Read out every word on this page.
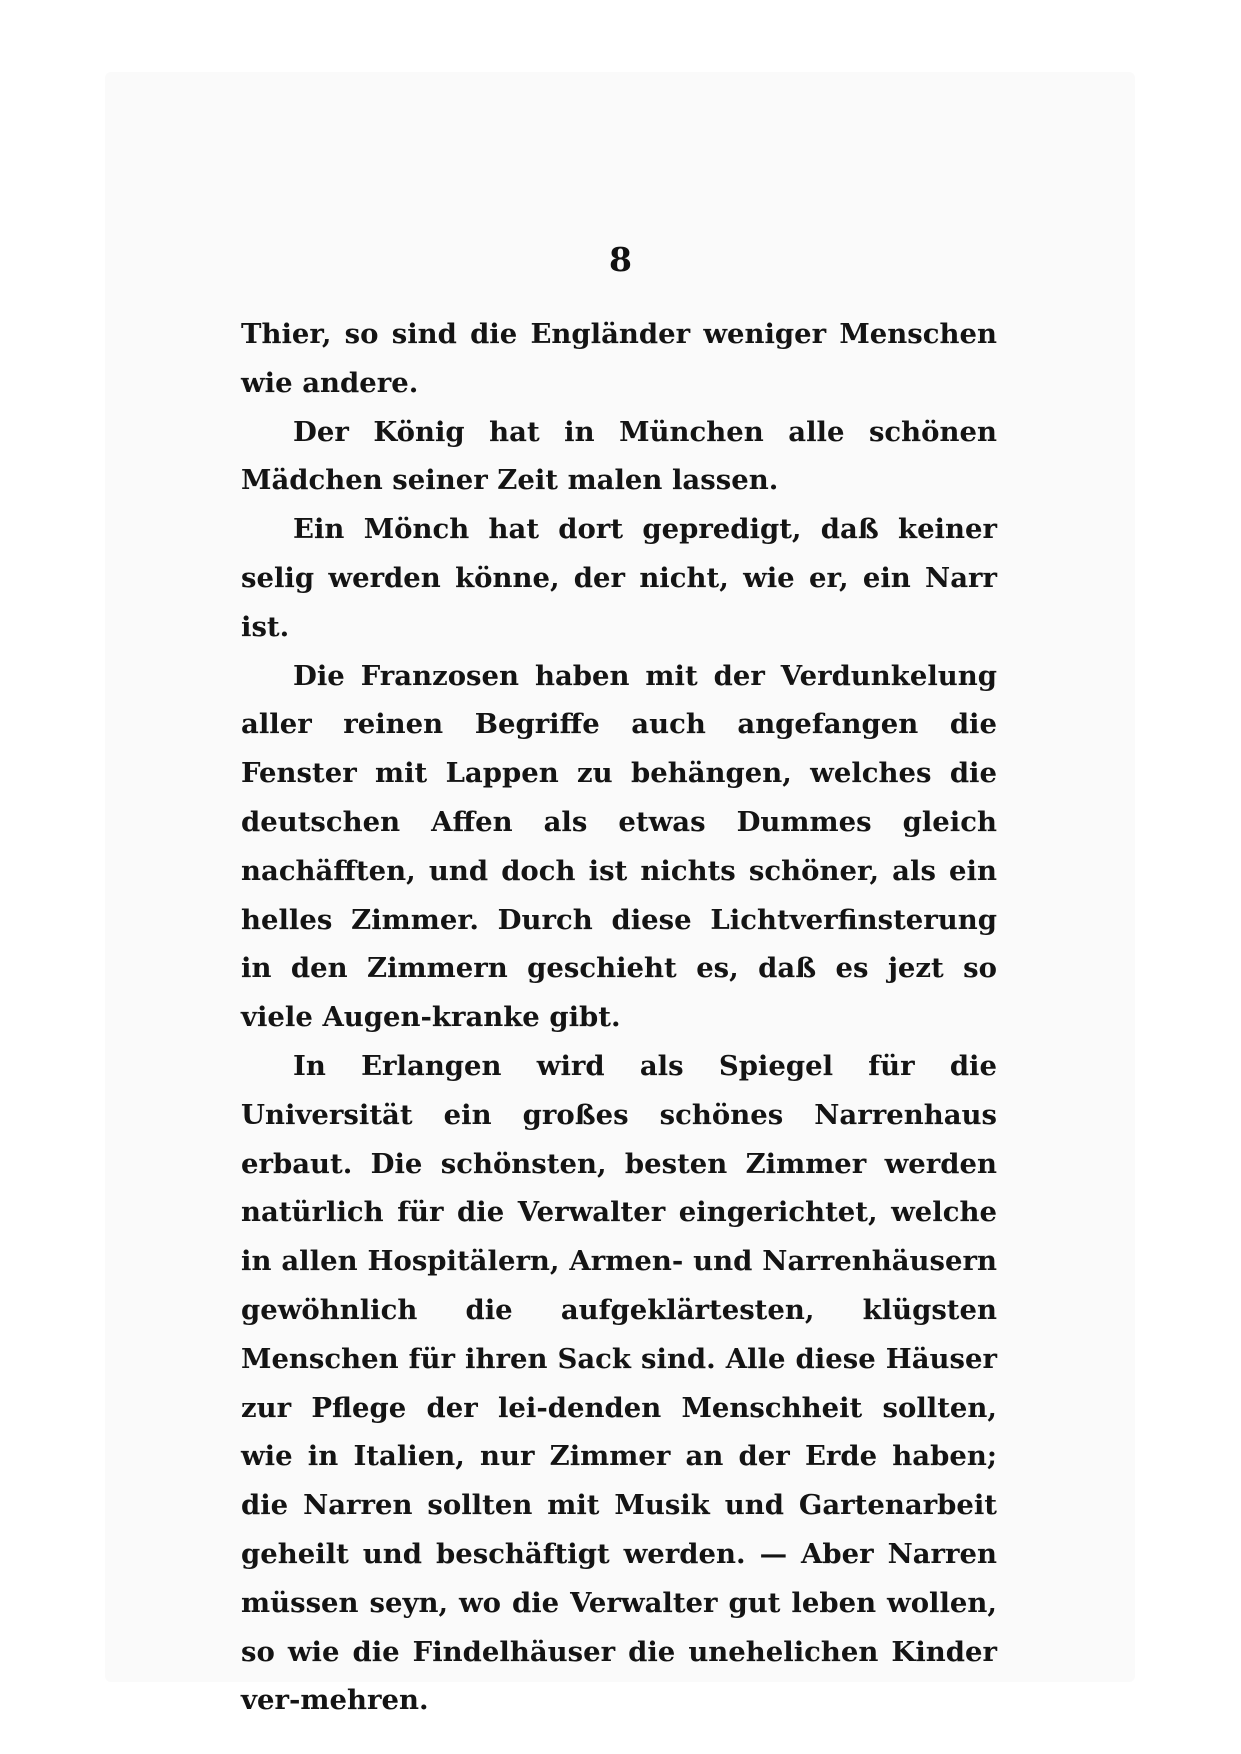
8

Thier, so sind die Engländer weniger Menschen wie andere.

Der König hat in München alle schönen Mädchen seiner Zeit malen lassen.

Ein Mönch hat dort gepredigt, daß keiner selig werden könne, der nicht, wie er, ein Narr ist.

Die Franzosen haben mit der Verdunkelung aller reinen Begriffe auch angefangen die Fenster mit Lappen zu behängen, welches die deutschen Affen als etwas Dummes gleich nachäfften, und doch ist nichts schöner, als ein helles Zimmer. Durch diese Lichtverfinsterung in den Zimmern geschieht es, daß es jezt so viele Augen-kranke gibt.

In Erlangen wird als Spiegel für die Universität ein großes schönes Narrenhaus erbaut. Die schönsten, besten Zimmer werden natürlich für die Verwalter eingerichtet, welche in allen Hospitälern, Armen- und Narrenhäusern gewöhnlich die aufgeklärtesten, klügsten Menschen für ihren Sack sind. Alle diese Häuser zur Pflege der lei-denden Menschheit sollten, wie in Italien, nur Zimmer an der Erde haben; die Narren sollten mit Musik und Gartenarbeit geheilt und beschäftigt werden. — Aber Narren müssen seyn, wo die Verwalter gut leben wollen, so wie die Findelhäuser die unehelichen Kinder ver-mehren.
